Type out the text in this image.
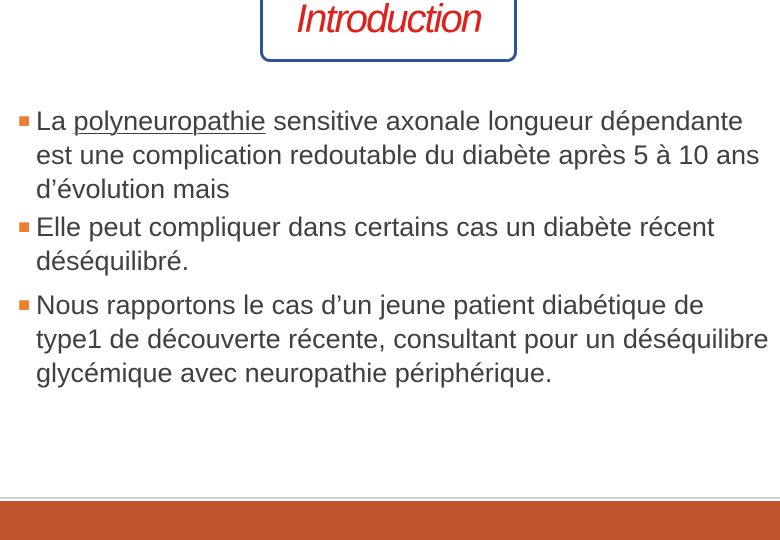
Introduction
■ La polyneuropathie sensitive axonale longueur dépendante est une complication redoutable du diabète après 5 à 10 ans d’évolution mais
■ Elle peut compliquer dans certains cas un diabète récent déséquilibré.
■ Nous rapportons le cas d’un jeune patient diabétique de type1 de découverte récente, consultant pour un déséquilibre glycémique avec neuropathie périphérique.
